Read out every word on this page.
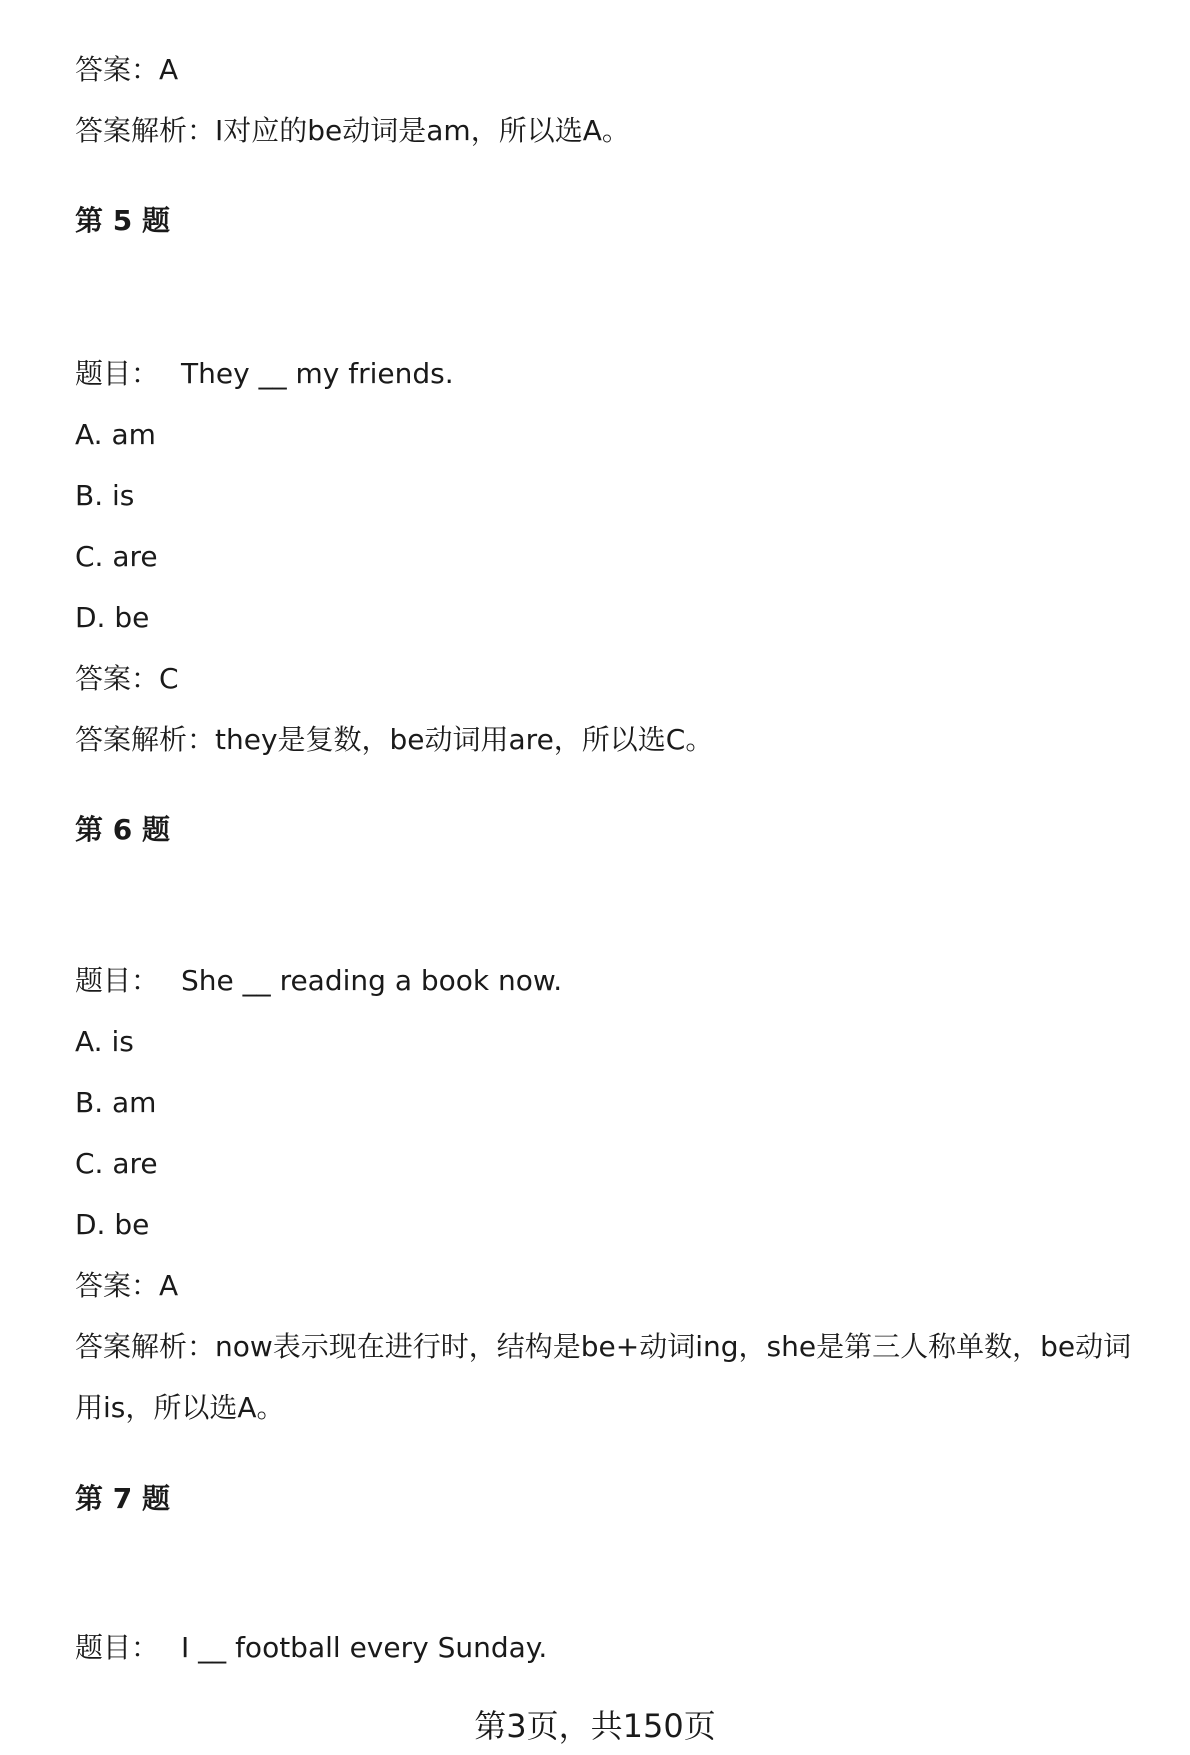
答案：A
答案解析：I对应的be动词是am，所以选A。
第 5 题
题目： They __ my friends.
A. am
B. is
C. are
D. be
答案：C
答案解析：they是复数，be动词用are，所以选C。
第 6 题
题目： She __ reading a book now.
A. is
B. am
C. are
D. be
答案：A
答案解析：now表示现在进行时，结构是be+动词ing，she是第三人称单数，be动词用is，所以选A。
第 7 题
题目： I __ football every Sunday.
第3页，共150页
